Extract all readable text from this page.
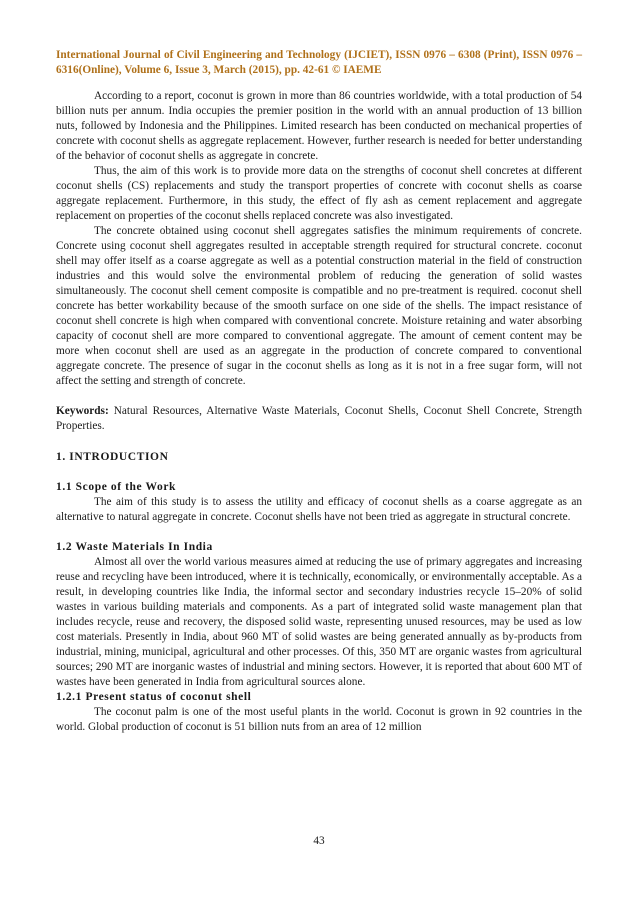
International Journal of Civil Engineering and Technology (IJCIET), ISSN 0976 – 6308 (Print), ISSN 0976 – 6316(Online), Volume 6, Issue 3, March (2015), pp. 42-61 © IAEME

According to a report, coconut is grown in more than 86 countries worldwide, with a total production of 54 billion nuts per annum. India occupies the premier position in the world with an annual production of 13 billion nuts, followed by Indonesia and the Philippines. Limited research has been conducted on mechanical properties of concrete with coconut shells as aggregate replacement. However, further research is needed for better understanding of the behavior of coconut shells as aggregate in concrete.

Thus, the aim of this work is to provide more data on the strengths of coconut shell concretes at different coconut shells (CS) replacements and study the transport properties of concrete with coconut shells as coarse aggregate replacement. Furthermore, in this study, the effect of fly ash as cement replacement and aggregate replacement on properties of the coconut shells replaced concrete was also investigated.

The concrete obtained using coconut shell aggregates satisfies the minimum requirements of concrete. Concrete using coconut shell aggregates resulted in acceptable strength required for structural concrete. coconut shell may offer itself as a coarse aggregate as well as a potential construction material in the field of construction industries and this would solve the environmental problem of reducing the generation of solid wastes simultaneously. The coconut shell cement composite is compatible and no pre-treatment is required. coconut shell concrete has better workability because of the smooth surface on one side of the shells. The impact resistance of coconut shell concrete is high when compared with conventional concrete. Moisture retaining and water absorbing capacity of coconut shell are more compared to conventional aggregate. The amount of cement content may be more when coconut shell are used as an aggregate in the production of concrete compared to conventional aggregate concrete. The presence of sugar in the coconut shells as long as it is not in a free sugar form, will not affect the setting and strength of concrete.

Keywords: Natural Resources, Alternative Waste Materials, Coconut Shells, Coconut Shell Concrete, Strength Properties.

1. INTRODUCTION
1.1 Scope of the Work

The aim of this study is to assess the utility and efficacy of coconut shells as a coarse aggregate as an alternative to natural aggregate in concrete. Coconut shells have not been tried as aggregate in structural concrete.

1.2 Waste Materials In India

Almost all over the world various measures aimed at reducing the use of primary aggregates and increasing reuse and recycling have been introduced, where it is technically, economically, or environmentally acceptable. As a result, in developing countries like India, the informal sector and secondary industries recycle 15–20% of solid wastes in various building materials and components. As a part of integrated solid waste management plan that includes recycle, reuse and recovery, the disposed solid waste, representing unused resources, may be used as low cost materials. Presently in India, about 960 MT of solid wastes are being generated annually as by-products from industrial, mining, municipal, agricultural and other processes. Of this, 350 MT are organic wastes from agricultural sources; 290 MT are inorganic wastes of industrial and mining sectors. However, it is reported that about 600 MT of wastes have been generated in India from agricultural sources alone.

1.2.1 Present status of coconut shell

The coconut palm is one of the most useful plants in the world. Coconut is grown in 92 countries in the world. Global production of coconut is 51 billion nuts from an area of 12 million

43
